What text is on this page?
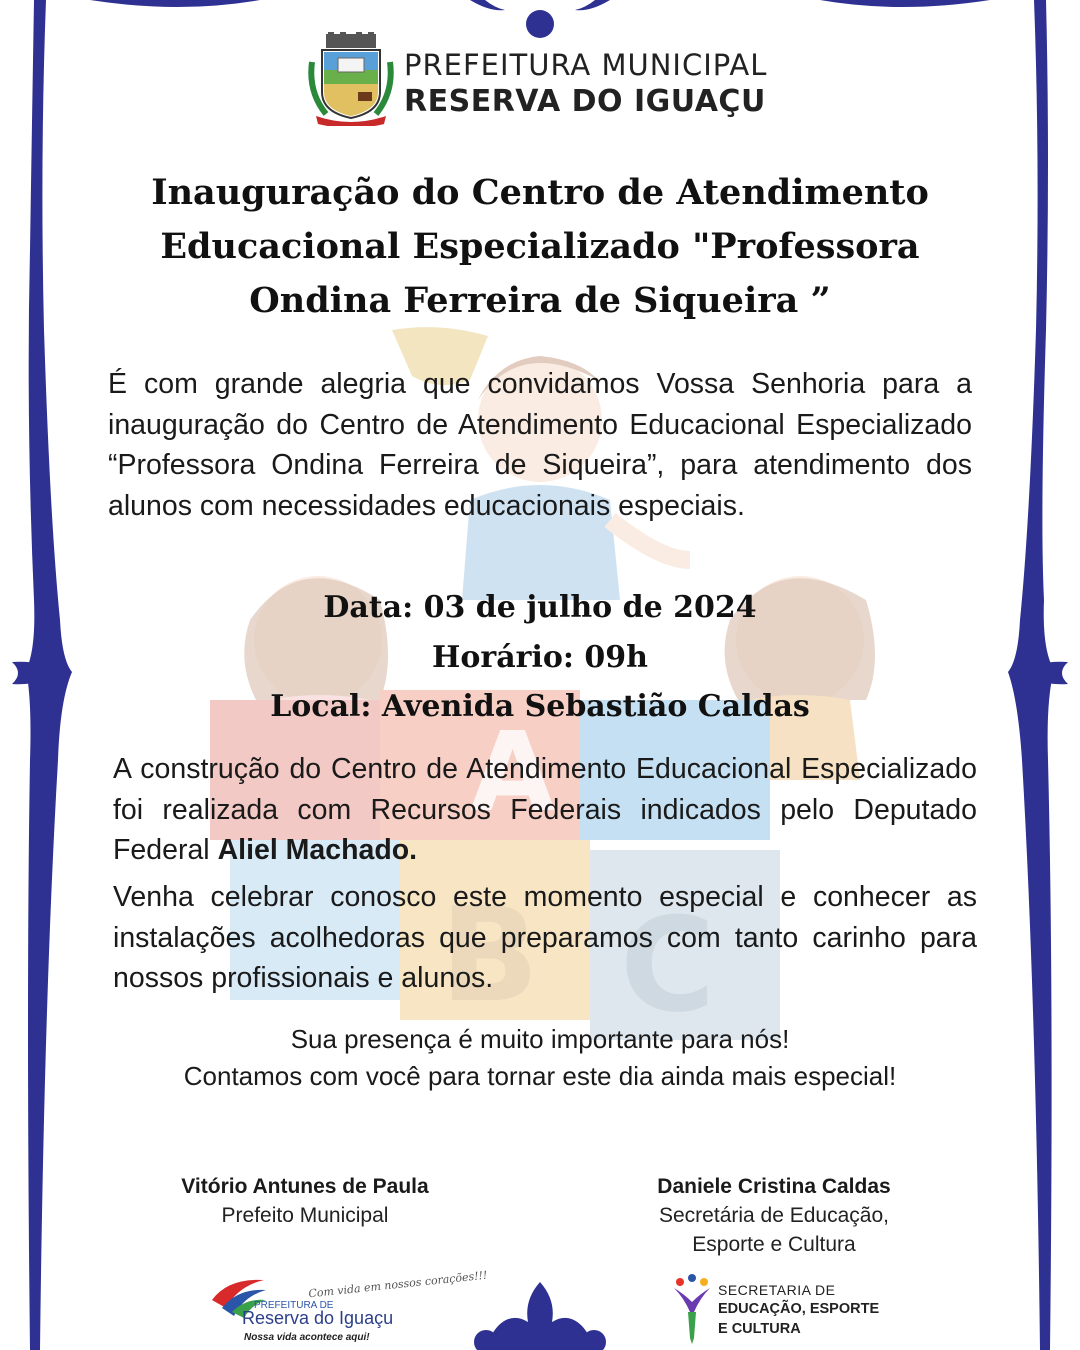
A
B C
PREFEITURA MUNICIPAL
RESERVA DO IGUAÇU
Inauguração do Centro de Atendimento
Educacional Especializado "Professora
Ondina Ferreira de Siqueira ”

É com grande alegria que convidamos Vossa Senhoria para a inauguração do Centro de Atendimento Educacional Especializado “Professora Ondina Ferreira de Siqueira”, para atendimento dos alunos com necessidades educacionais especiais.

Data: 03 de julho de 2024
Horário: 09h
Local: Avenida Sebastião Caldas

A construção do Centro de Atendimento Educacional Especializado foi realizada com Recursos Federais indicados pelo Deputado Federal Aliel Machado.

Venha celebrar conosco este momento especial e conhecer as instalações acolhedoras que preparamos com tanto carinho para nossos profissionais e alunos.

Sua presença é muito importante para nós!
Contamos com você para tornar este dia ainda mais especial!
Vitório Antunes de Paula
Prefeito Municipal
Daniele Cristina Caldas
Secretária de Educação,
Esporte e Cultura
Com vida em nossos corações!!!
PREFEITURA DE
Reserva do Iguaçu
Nossa vida acontece aqui!
SECRETARIA DE
EDUCAÇÃO, ESPORTE
E CULTURA
